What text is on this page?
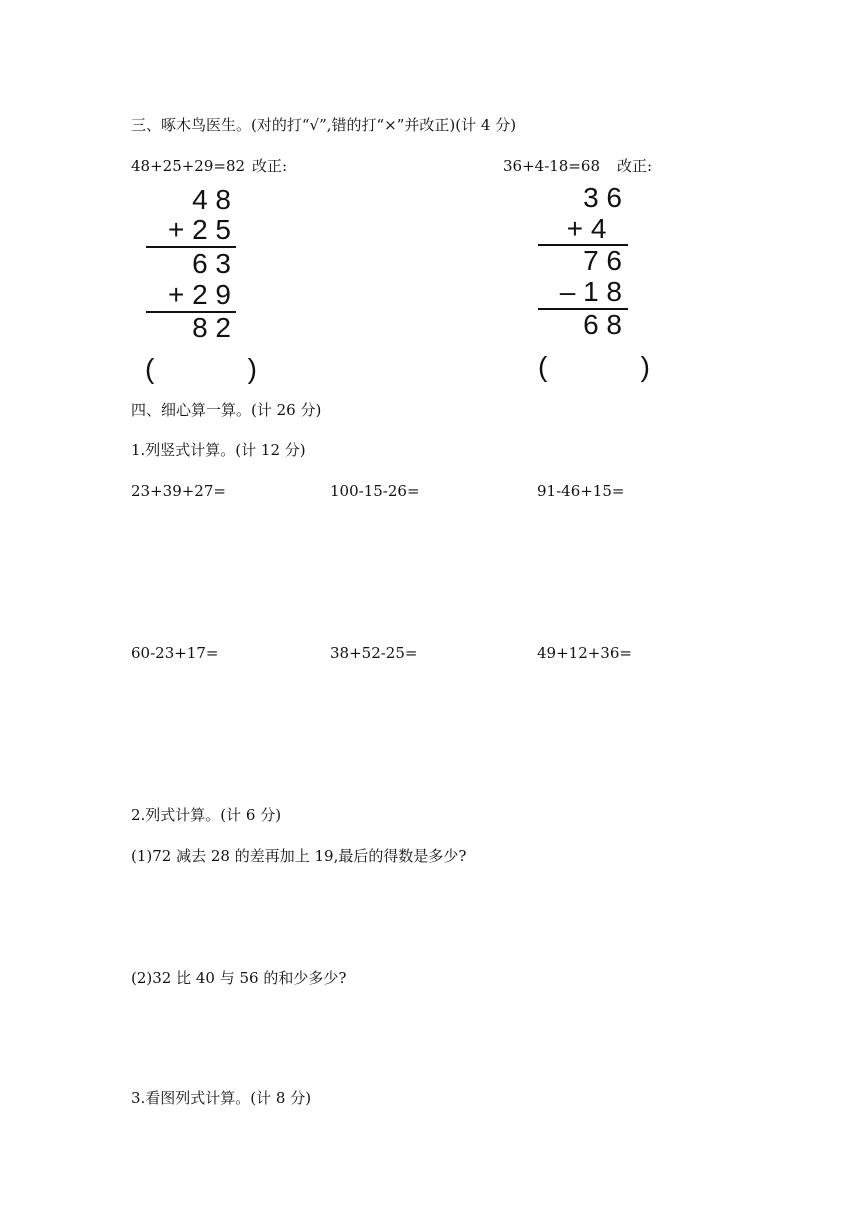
三、啄木鸟医生。(对的打“√”,错的打“×”并改正)(计 4 分)
48+25+29=82 改正:
4 8
+ 2 5
6 3
+ 2 9
8 2
(            )
36+4-18=68 改正:
3 6
+ 4
7 6
– 1 8
6 8
(            )
四、细心算一算。(计 26 分)
1.列竖式计算。(计 12 分)
23+39+27=	100-15-26=	91-46+15=
60-23+17=	38+52-25=	49+12+36=
2.列式计算。(计 6 分)
(1)72 减去 28 的差再加上 19,最后的得数是多少?
(2)32 比 40 与 56 的和少多少?
3.看图列式计算。(计 8 分)
